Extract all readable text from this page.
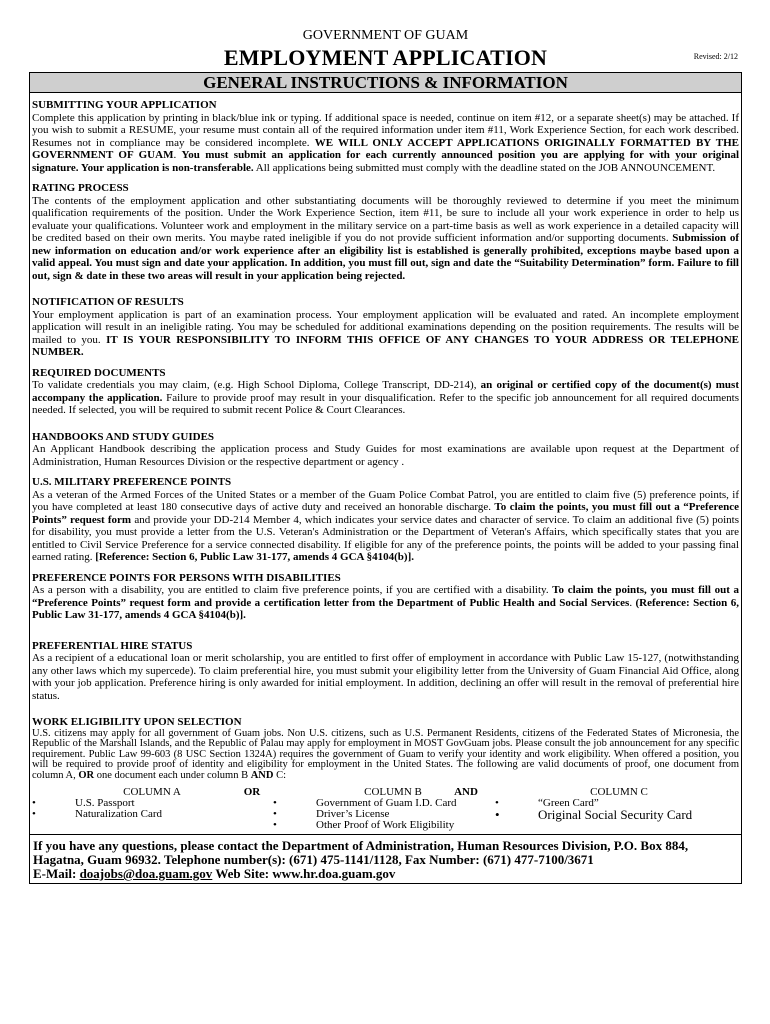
GOVERNMENT OF GUAM
EMPLOYMENT APPLICATION	Revised: 2/12
GENERAL INSTRUCTIONS & INFORMATION
SUBMITTING YOUR APPLICATION

Complete this application by printing in black/blue ink or typing. If additional space is needed, continue on item #12, or a separate sheet(s) may be attached. If you wish to submit a RESUME, your resume must contain all of the required information under item #11, Work Experience Section, for each work described. Resumes not in compliance may be considered incomplete. WE WILL ONLY ACCEPT APPLICATIONS ORIGINALLY FORMATTED BY THE GOVERNMENT OF GUAM. You must submit an application for each currently announced position you are applying for with your original signature. Your application is non-transferable. All applications being submitted must comply with the deadline stated on the JOB ANNOUNCEMENT.

RATING PROCESS

The contents of the employment application and other substantiating documents will be thoroughly reviewed to determine if you meet the minimum qualification requirements of the position. Under the Work Experience Section, item #11, be sure to include all your work experience in order to help us evaluate your qualifications. Volunteer work and employment in the military service on a part-time basis as well as work experience in a detailed capacity will be credited based on their own merits. You maybe rated ineligible if you do not provide sufficient information and/or supporting documents. Submission of new information on education and/or work experience after an eligibility list is established is generally prohibited, exceptions maybe based upon a valid appeal. You must sign and date your application. In addition, you must fill out, sign and date the “Suitability Determination” form. Failure to fill out, sign & date in these two areas will result in your application being rejected.

NOTIFICATION OF RESULTS

Your employment application is part of an examination process. Your employment application will be evaluated and rated. An incomplete employment application will result in an ineligible rating. You may be scheduled for additional examinations depending on the position requirements. The results will be mailed to you. IT IS YOUR RESPONSIBILITY TO INFORM THIS OFFICE OF ANY CHANGES TO YOUR ADDRESS OR TELEPHONE NUMBER.

REQUIRED DOCUMENTS

To validate credentials you may claim, (e.g. High School Diploma, College Transcript, DD-214), an original or certified copy of the document(s) must accompany the application. Failure to provide proof may result in your disqualification. Refer to the specific job announcement for all required documents needed. If selected, you will be required to submit recent Police & Court Clearances.

HANDBOOKS AND STUDY GUIDES

An Applicant Handbook describing the application process and Study Guides for most examinations are available upon request at the Department of Administration, Human Resources Division or the respective department or agency .

U.S. MILITARY PREFERENCE POINTS

As a veteran of the Armed Forces of the United States or a member of the Guam Police Combat Patrol, you are entitled to claim five (5) preference points, if you have completed at least 180 consecutive days of active duty and received an honorable discharge. To claim the points, you must fill out a “Preference Points” request form and provide your DD-214 Member 4, which indicates your service dates and character of service. To claim an additional five (5) points for disability, you must provide a letter from the U.S. Veteran's Administration or the Department of Veteran's Affairs, which specifically states that you are entitled to Civil Service Preference for a service connected disability. If eligible for any of the preference points, the points will be added to your passing final earned rating. [Reference: Section 6, Public Law 31-177, amends 4 GCA §4104(b)].

PREFERENCE POINTS FOR PERSONS WITH DISABILITIES

As a person with a disability, you are entitled to claim five preference points, if you are certified with a disability. To claim the points, you must fill out a “Preference Points” request form and provide a certification letter from the Department of Public Health and Social Services. (Reference: Section 6, Public Law 31-177, amends 4 GCA §4104(b)].

PREFERENTIAL HIRE STATUS

As a recipient of a educational loan or merit scholarship, you are entitled to first offer of employment in accordance with Public Law 15-127, (notwithstanding any other laws which my supercede). To claim preferential hire, you must submit your eligibility letter from the University of Guam Financial Aid Office, along with your job application. Preference hiring is only awarded for initial employment. In addition, declining an offer will result in the removal of preferential hire status.

WORK ELIGIBILITY UPON SELECTION

U.S. citizens may apply for all government of Guam jobs. Non U.S. citizens, such as U.S. Permanent Residents, citizens of the Federated States of Micronesia, the Republic of the Marshall Islands, and the Republic of Palau may apply for employment in MOST GovGuam jobs. Please consult the job announcement for any specific requirement. Public Law 99-603 (8 USC Section 1324A) requires the government of Guam to verify your identity and work eligibility. When offered a position, you will be required to provide proof of identity and eligibility for employment in the United States. The following are valid documents of proof, one document from column A, OR one document each under column B AND C:

COLUMN A
•	U.S. Passport
•	Naturalization Card
OR	COLUMN B
•	Government of Guam I.D. Card
•	Driver’s License
•	Other Proof of Work Eligibility
AND	COLUMN C
•	“Green Card”
•	Original Social Security Card
If you have any questions, please contact the Department of Administration, Human Resources Division, P.O. Box 884, Hagatna, Guam 96932. Telephone number(s): (671) 475-1141/1128, Fax Number: (671) 477-7100/3671
E-Mail: doajobs@doa.guam.gov Web Site: www.hr.doa.guam.gov
